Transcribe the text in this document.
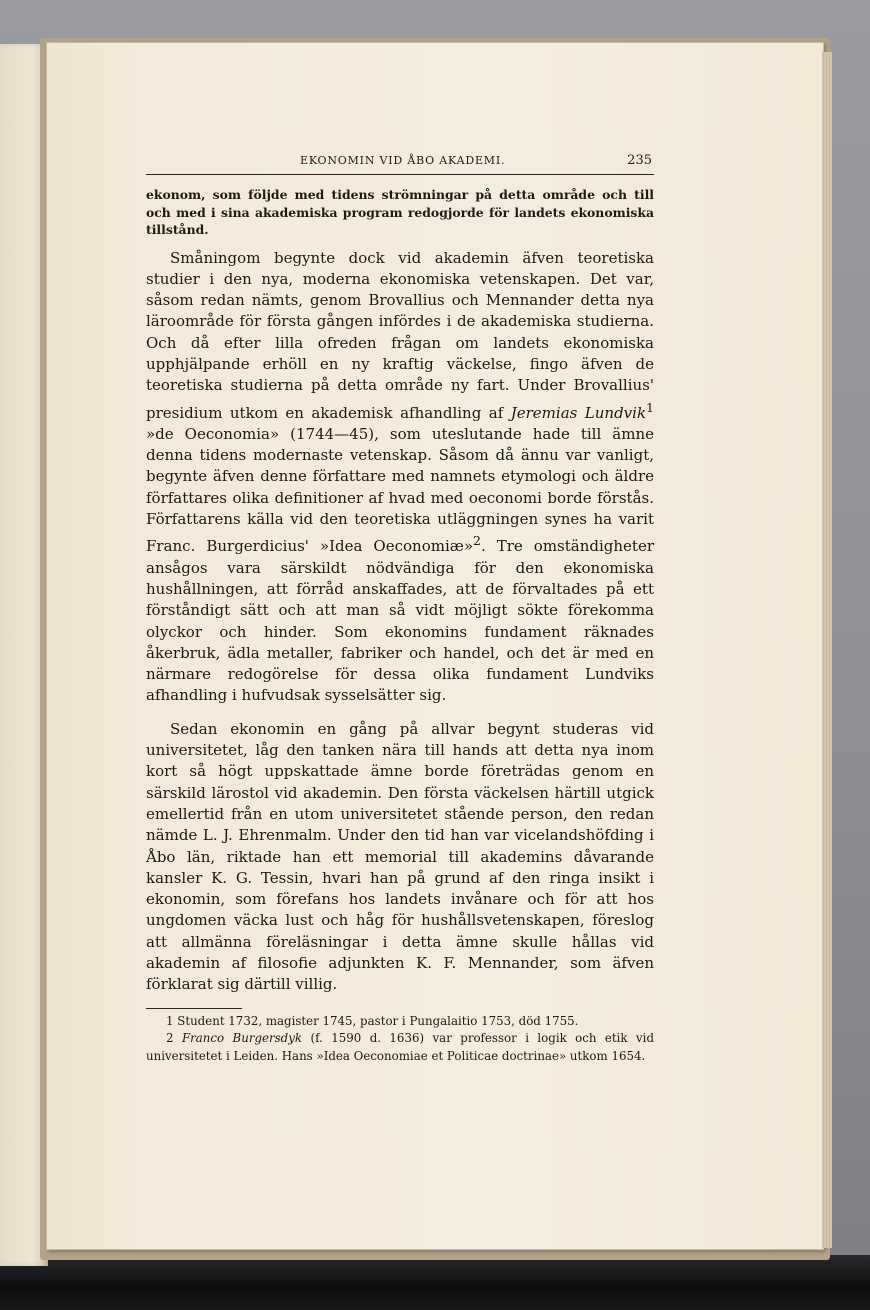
EKONOMIN VID ÅBO AKADEMI.	235

ekonom, som följde med tidens strömningar på detta område och till och med i sina akademiska program redogjorde för landets ekonomiska tillstånd.

Småningom begynte dock vid akademin äfven teoretiska studier i den nya, moderna ekonomiska vetenskapen. Det var, såsom redan nämts, genom Brovallius och Mennander detta nya läroområde för första gången infördes i de akademiska studierna. Och då efter lilla ofreden frågan om landets ekonomiska upphjälpande erhöll en ny kraftig väckelse, fingo äfven de teoretiska studierna på detta område ny fart. Under Brovallius' presidium utkom en akademisk afhandling af Jeremias Lundvik$^1$ »de Oeconomia» (1744—45), som uteslutande hade till ämne denna tidens modernaste vetenskap. Såsom då ännu var vanligt, begynte äfven denne författare med namnets etymologi och äldre författares olika definitioner af hvad med oeconomi borde förstås. Författarens källa vid den teoretiska utläggningen synes ha varit Franc. Burgerdicius' »Idea Oeconomiæ»$^2$. Tre omständigheter ansågos vara särskildt nödvändiga för den ekonomiska hushållningen, att förråd anskaffades, att de förvaltades på ett förståndigt sätt och att man så vidt möjligt sökte förekomma olyckor och hinder. Som ekonomins fundament räknades åkerbruk, ädla metaller, fabriker och handel, och det är med en närmare redogörelse för dessa olika fundament Lundviks afhandling i hufvudsak sysselsätter sig.

Sedan ekonomin en gång på allvar begynt studeras vid universitetet, låg den tanken nära till hands att detta nya inom kort så högt uppskattade ämne borde företrädas genom en särskild lärostol vid akademin. Den första väckelsen härtill utgick emellertid från en utom universitetet stående person, den redan nämde L. J. Ehrenmalm. Under den tid han var vicelandshöfding i Åbo län, riktade han ett memorial till akademins dåvarande kansler K. G. Tessin, hvari han på grund af den ringa insikt i ekonomin, som förefans hos landets invånare och för att hos ungdomen väcka lust och håg för hushållsvetenskapen, föreslog att allmänna föreläsningar i detta ämne skulle hållas vid akademin af filosofie adjunkten K. F. Mennander, som äfven förklarat sig därtill villig.

1 Student 1732, magister 1745, pastor i Pungalaitio 1753, död 1755.

2 Franco Burgersdyk (f. 1590 d. 1636) var professor i logik och etik vid universitetet i Leiden. Hans »Idea Oeconomiae et Politicae doctrinae» utkom 1654.
